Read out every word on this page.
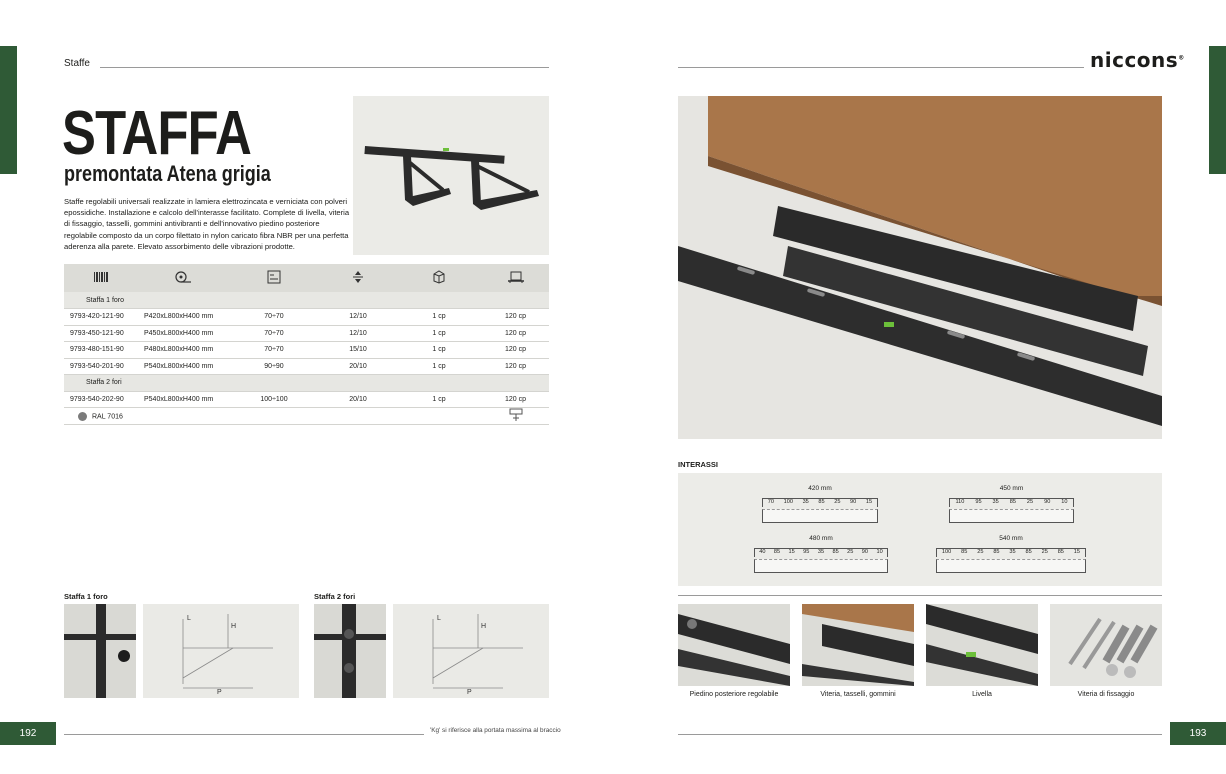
Staffe	niccons®
STAFFA
premontata Atena grigia
Staffe regolabili universali realizzate in lamiera elettrozincata e verniciata con polveri epossidiche. Installazione e calcolo dell'interasse facilitato. Complete di livella, viteria di fissaggio, tasselli, gommini antivibranti e dell'innovativo piedino posteriore regolabile composto da un corpo filettato in nylon caricato fibra NBR per una perfetta aderenza alla parete. Elevato assorbimento delle vibrazioni prodotte.

Staffa 1 foro					
9793-420-121-90	P420xL800xH400 mm	70÷70	12/10	1 cp	120 cp
9793-450-121-90	P450xL800xH400 mm	70÷70	12/10	1 cp	120 cp
9793-480-151-90	P480xL800xH400 mm	70÷70	15/10	1 cp	120 cp
9793-540-201-90	P540xL800xH400 mm	90÷90	20/10	1 cp	120 cp
Staffa 2 fori					
9793-540-202-90	P540xL800xH400 mm	100÷100	20/10	1 cp	120 cp
RAL 7016	
Staffa 1 foro
L
H
P
Staffa 2 fori
L
H
P
192	'Kg' si riferisce alla portata massima al braccio
INTERASSI
420 mm
70 100 35 85 25 90 15
450 mm
110 95 35 85 25 90 10
480 mm
40 85 15 95 35 85 25 90 10
540 mm
100 85 25 85 35 85 25 85 15
Piedino posteriore regolabile	Viteria, tasselli, gommini	Livella	Viteria di fissaggio
193
